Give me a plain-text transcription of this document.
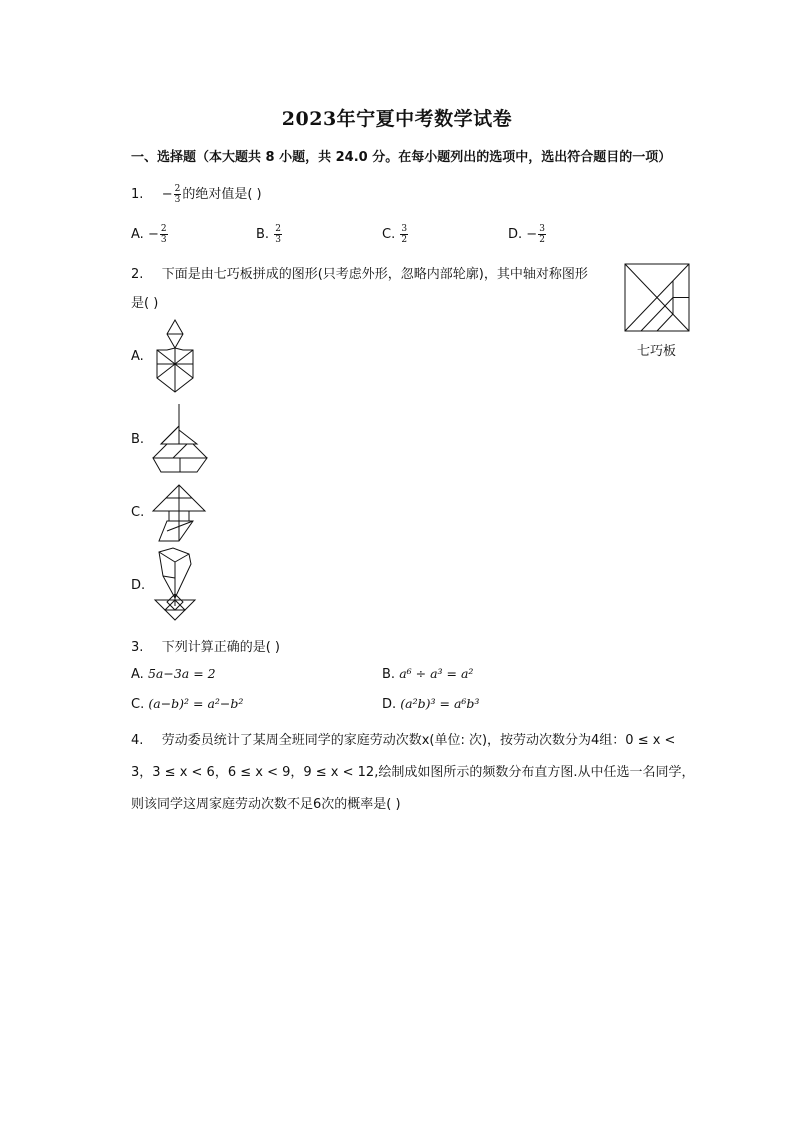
2023年宁夏中考数学试卷
一、选择题（本大题共 8 小题，共 24.0 分。在每小题列出的选项中，选出符合题目的一项）
1. − $\frac{2}{3}$ 的绝对值是( )
A. − $\frac{2}{3}$	B. $\frac{2}{3}$	C. $\frac{3}{2}$	D. − $\frac{3}{2}$
2. 下面是由七巧板拼成的图形(只考虑外形，忽略内部轮廓)，其中轴对称图形
是( )
七巧板
A.
B.
C.
D.
3. 下列计算正确的是( )
A. 5a−3a = 2	B. a⁶ ÷ a³ = a²
C. (a−b)² = a²−b²	D. (a²b)³ = a⁶b³
4. 劳动委员统计了某周全班同学的家庭劳动次数x(单位: 次)，按劳动次数分为4组：0 ≤ x <
3，3 ≤ x < 6，6 ≤ x < 9，9 ≤ x < 12,绘制成如图所示的频数分布直方图.从中任选一名同学，
则该同学这周家庭劳动次数不足6次的概率是( )
